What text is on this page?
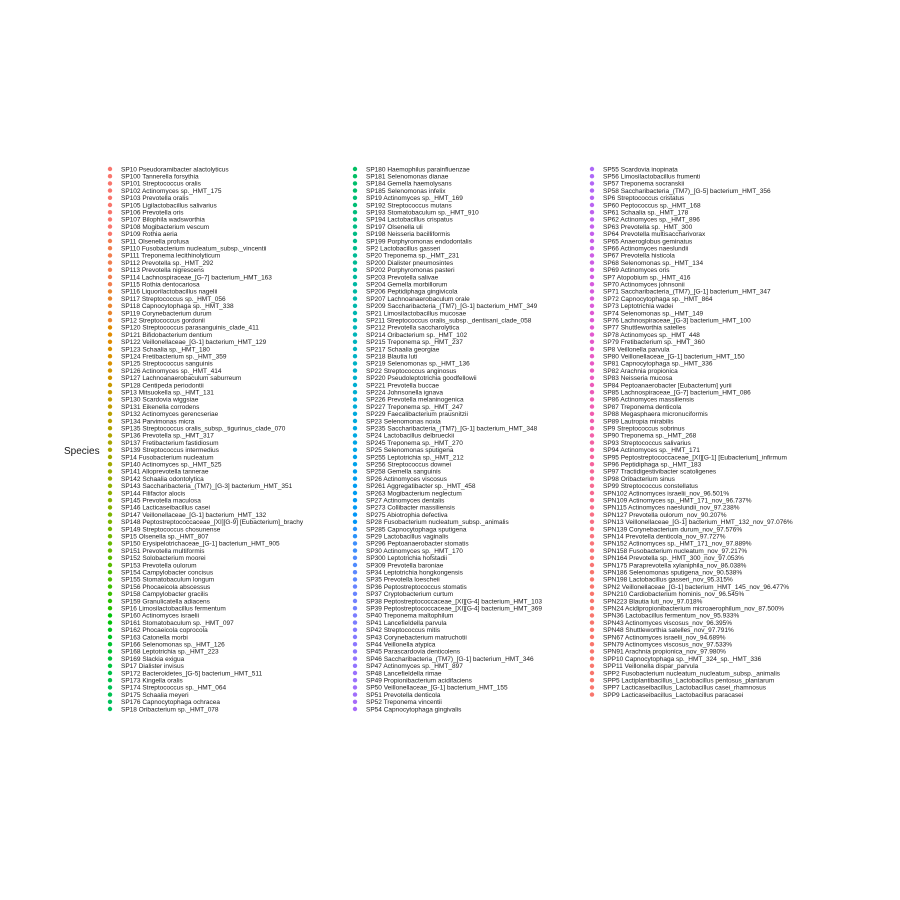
Species
SP10 Pseudoramibacter alactolyticus
SP100 Tannerella forsythia
SP101 Streptococcus oralis
SP102 Actinomyces sp._HMT_175
SP103 Prevotella oralis
SP105 Ligilactobacillus salivarius
SP106 Prevotella oris
SP107 Bilophila wadsworthia
SP108 Mogibacterium vescum
SP109 Rothia aeria
SP11 Olsenella profusa
SP110 Fusobacterium nucleatum_subsp._vincentii
SP111 Treponema lecithinolyticum
SP112 Prevotella sp._HMT_292
SP113 Prevotella nigrescens
SP114 Lachnospiraceae_[G-7] bacterium_HMT_163
SP115 Rothia dentocariosa
SP116 Liquorilactobacillus nagelii
SP117 Streptococcus sp._HMT_056
SP118 Capnocytophaga sp._HMT_338
SP119 Corynebacterium durum
SP12 Streptococcus gordonii
SP120 Streptococcus parasanguinis_clade_411
SP121 Bifidobacterium dentium
SP122 Veillonellaceae_[G-1] bacterium_HMT_129
SP123 Schaalia sp._HMT_180
SP124 Fretibacterium sp._HMT_359
SP125 Streptococcus sanguinis
SP126 Actinomyces sp._HMT_414
SP127 Lachnoanaerobaculum saburreum
SP128 Centipeda periodontii
SP13 Mitsuokella sp._HMT_131
SP130 Scardovia wiggsiae
SP131 Eikenella corrodens
SP132 Actinomyces gerencseriae
SP134 Parvimonas micra
SP135 Streptococcus oralis_subsp._tigurinus_clade_070
SP136 Prevotella sp._HMT_317
SP137 Fretibacterium fastidiosum
SP139 Streptococcus intermedius
SP14 Fusobacterium nucleatum
SP140 Actinomyces sp._HMT_525
SP141 Alloprevotella tannerae
SP142 Schaalia odontolytica
SP143 Saccharibacteria_(TM7)_[G-3] bacterium_HMT_351
SP144 Filifactor alocis
SP145 Prevotella maculosa
SP146 Lacticaseibacillus casei
SP147 Veillonellaceae_[G-1] bacterium_HMT_132
SP148 Peptostreptococcaceae_[XI][G-9] [Eubacterium]_brachy
SP149 Streptococcus chosunense
SP15 Olsenella sp._HMT_807
SP150 Erysipelotrichaceae_[G-1] bacterium_HMT_905
SP151 Prevotella multiformis
SP152 Solobacterium moorei
SP153 Prevotella oulorum
SP154 Campylobacter concisus
SP155 Stomatobaculum longum
SP156 Phocaeicola abscessus
SP158 Campylobacter gracilis
SP159 Granulicatella adiacens
SP16 Limosilactobacillus fermentum
SP160 Actinomyces israelii
SP161 Stomatobaculum sp._HMT_097
SP162 Phocaeicola coprocola
SP163 Catonella morbi
SP166 Selenomonas sp._HMT_126
SP168 Leptotrichia sp._HMT_223
SP169 Slackia exigua
SP17 Dialister invisus
SP172 Bacteroidetes_[G-5] bacterium_HMT_511
SP173 Kingella oralis
SP174 Streptococcus sp._HMT_064
SP175 Schaalia meyeri
SP176 Capnocytophaga ochracea
SP18 Oribacterium sp._HMT_078
SP180 Haemophilus parainfluenzae
SP181 Selenomonas dianae
SP184 Gemella haemolysans
SP185 Selenomonas infelix
SP19 Actinomyces sp._HMT_169
SP192 Streptococcus mutans
SP193 Stomatobaculum sp._HMT_910
SP194 Lactobacillus crispatus
SP197 Olsenella uli
SP198 Neisseria bacilliformis
SP199 Porphyromonas endodontalis
SP2 Lactobacillus gasseri
SP20 Treponema sp._HMT_231
SP200 Dialister pneumosintes
SP202 Porphyromonas pasteri
SP203 Prevotella salivae
SP204 Gemella morbillorum
SP206 Peptidiphaga gingivicola
SP207 Lachnoanaerobaculum orale
SP209 Saccharibacteria_(TM7)_[G-1] bacterium_HMT_349
SP21 Limosilactobacillus mucosae
SP211 Streptococcus oralis_subsp._dentisani_clade_058
SP212 Prevotella saccharolytica
SP214 Oribacterium sp._HMT_102
SP215 Treponema sp._HMT_237
SP217 Schaalia georgiae
SP218 Blautia luti
SP219 Selenomonas sp._HMT_136
SP22 Streptococcus anginosus
SP220 Pseudoleptotrichia goodfellowii
SP221 Prevotella buccae
SP224 Johnsonella ignava
SP226 Prevotella melaninogenica
SP227 Treponema sp._HMT_247
SP229 Faecalibacterium prausnitzii
SP23 Selenomonas noxia
SP235 Saccharibacteria_(TM7)_[G-1] bacterium_HMT_348
SP24 Lactobacillus delbrueckii
SP245 Treponema sp._HMT_270
SP25 Selenomonas sputigena
SP255 Leptotrichia sp._HMT_212
SP256 Streptococcus downei
SP258 Gemella sanguinis
SP26 Actinomyces viscosus
SP261 Aggregatibacter sp._HMT_458
SP263 Mogibacterium neglectum
SP27 Actinomyces dentalis
SP273 Collibacter massiliensis
SP275 Abiotrophia defectiva
SP28 Fusobacterium nucleatum_subsp._animalis
SP285 Capnocytophaga sputigena
SP29 Lactobacillus vaginalis
SP296 Peptoanaerobacter stomatis
SP30 Actinomyces sp._HMT_170
SP300 Leptotrichia hofstadii
SP309 Prevotella baroniae
SP34 Leptotrichia hongkongensis
SP35 Prevotella loescheii
SP36 Peptostreptococcus stomatis
SP37 Cryptobacterium curtum
SP38 Peptostreptococcaceae_[XI][G-4] bacterium_HMT_103
SP39 Peptostreptococcaceae_[XI][G-4] bacterium_HMT_369
SP40 Treponema maltophilum
SP41 Lancefieldella parvula
SP42 Streptococcus mitis
SP43 Corynebacterium matruchotii
SP44 Veillonella atypica
SP45 Parascardovia denticolens
SP46 Saccharibacteria_(TM7)_[G-1] bacterium_HMT_346
SP47 Actinomyces sp._HMT_897
SP48 Lancefieldella rimae
SP49 Propionibacterium acidifaciens
SP50 Veillonellaceae_[G-1] bacterium_HMT_155
SP51 Prevotella denticola
SP52 Treponema vincentii
SP54 Capnocytophaga gingivalis
SP55 Scardovia inopinata
SP56 Limosilactobacillus frumenti
SP57 Treponema socranskii
SP58 Saccharibacteria_(TM7)_[G-5] bacterium_HMT_356
SP6 Streptococcus cristatus
SP60 Peptococcus sp._HMT_168
SP61 Schaalia sp._HMT_178
SP62 Actinomyces sp._HMT_896
SP63 Prevotella sp._HMT_300
SP64 Prevotella multisaccharivorax
SP65 Anaeroglobus geminatus
SP66 Actinomyces naeslundii
SP67 Prevotella histicola
SP68 Selenomonas sp._HMT_134
SP69 Actinomyces oris
SP7 Atopobium sp._HMT_416
SP70 Actinomyces johnsonii
SP71 Saccharibacteria_(TM7)_[G-1] bacterium_HMT_347
SP72 Capnocytophaga sp._HMT_864
SP73 Leptotrichia wadei
SP74 Selenomonas sp._HMT_149
SP76 Lachnospiraceae_[G-3] bacterium_HMT_100
SP77 Shuttleworthia satelles
SP78 Actinomyces sp._HMT_448
SP79 Fretibacterium sp._HMT_360
SP8 Veillonella parvula
SP80 Veillonellaceae_[G-1] bacterium_HMT_150
SP81 Capnocytophaga sp._HMT_336
SP82 Arachnia propionica
SP83 Neisseria mucosa
SP84 Peptoanaerobacter [Eubacterium] yurii
SP85 Lachnospiraceae_[G-7] bacterium_HMT_086
SP86 Actinomyces massiliensis
SP87 Treponema denticola
SP88 Megasphaera micronuciformis
SP89 Lautropia mirabilis
SP9 Streptococcus sobrinus
SP90 Treponema sp._HMT_268
SP93 Streptococcus salivarius
SP94 Actinomyces sp._HMT_171
SP95 Peptostreptococcaceae_[XI][G-1] [Eubacterium]_infirmum
SP96 Peptidiphaga sp._HMT_183
SP97 Tractidigestivibacter scatoligenes
SP98 Oribacterium sinus
SP99 Streptococcus constellatus
SPN102 Actinomyces israelii_nov_96.501%
SPN109 Actinomyces sp._HMT_171_nov_96.737%
SPN115 Actinomyces naeslundii_nov_97.238%
SPN127 Prevotella oulorum_nov_90.207%
SPN13 Veillonellaceae_[G-1] bacterium_HMT_132_nov_97.076%
SPN139 Corynebacterium durum_nov_97.576%
SPN14 Prevotella denticola_nov_97.727%
SPN152 Actinomyces sp._HMT_171_nov_97.889%
SPN158 Fusobacterium nucleatum_nov_97.217%
SPN164 Prevotella sp._HMT_300_nov_97.053%
SPN175 Paraprevotella xylaniphila_nov_86.038%
SPN186 Selenomonas sputigena_nov_90.538%
SPN198 Lactobacillus gasseri_nov_95.315%
SPN2 Veillonellaceae_[G-1] bacterium_HMT_145_nov_96.477%
SPN210 Cardiobacterium hominis_nov_96.545%
SPN223 Blautia luti_nov_97.018%
SPN24 Acidipropionibacterium microaerophilum_nov_87.500%
SPN36 Lactobacillus fermentum_nov_95.933%
SPN43 Actinomyces viscosus_nov_96.395%
SPN48 Shuttleworthia satelles_nov_97.791%
SPN67 Actinomyces israelii_nov_94.689%
SPN79 Actinomyces viscosus_nov_97.533%
SPN91 Arachnia propionica_nov_97.980%
SPP10 Capnocytophaga sp._HMT_324_sp._HMT_336
SPP11 Veillonella dispar_parvula
SPP2 Fusobacterium nucleatum_nucleatum_subsp._animalis
SPP5 Lactiplantibacillus_Lactobacillus pentosus_plantarum
SPP7 Lacticaseibacillus_Lactobacillus casei_rhamnosus
SPP9 Lacticaseibacillus_Lactobacillus paracasei
